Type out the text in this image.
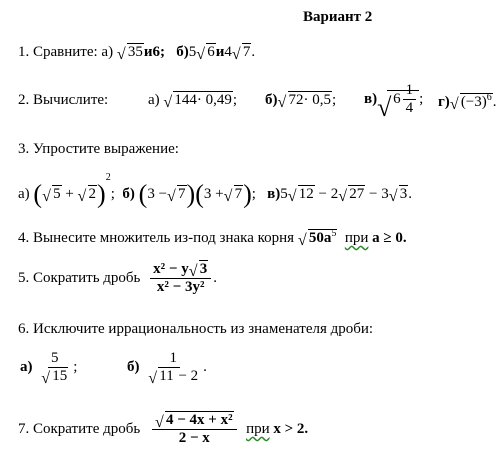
Вариант 2
1. Сравните: а) √ 35и6; б)5 √ 6и4 √ 7.
2. Вычислите:	а) √ 144· 0,49; б) √ 72· 0,5; в) √ $6 \frac{1}{4}$ ; г) √ $(-3)^6$.
3. Упростите выражение:
а) ( √ 5 + √ 2)$^2$; б) (3 − √ 7)(3 + √ 7); в)5 √ 12 − 2 √ 27 − 3 √ 3.
4. Вынесите множитель из-под знака корня √ $50a^5$ при a ≥ 0.
5. Сократить дробь $\frac{\text{x² − y √ 3}}{\text{x² − 3y²}}$ .
6. Исключите иррациональность из знаменателя дроби:
$а) \frac{5}{√ 15}$ ;	$б) \frac{1}{√ 11 - 2}$ .
7. Сократите дробь $\frac{\text{√ 4 − 4x + x²}}{2 - x}$ при x > 2.
